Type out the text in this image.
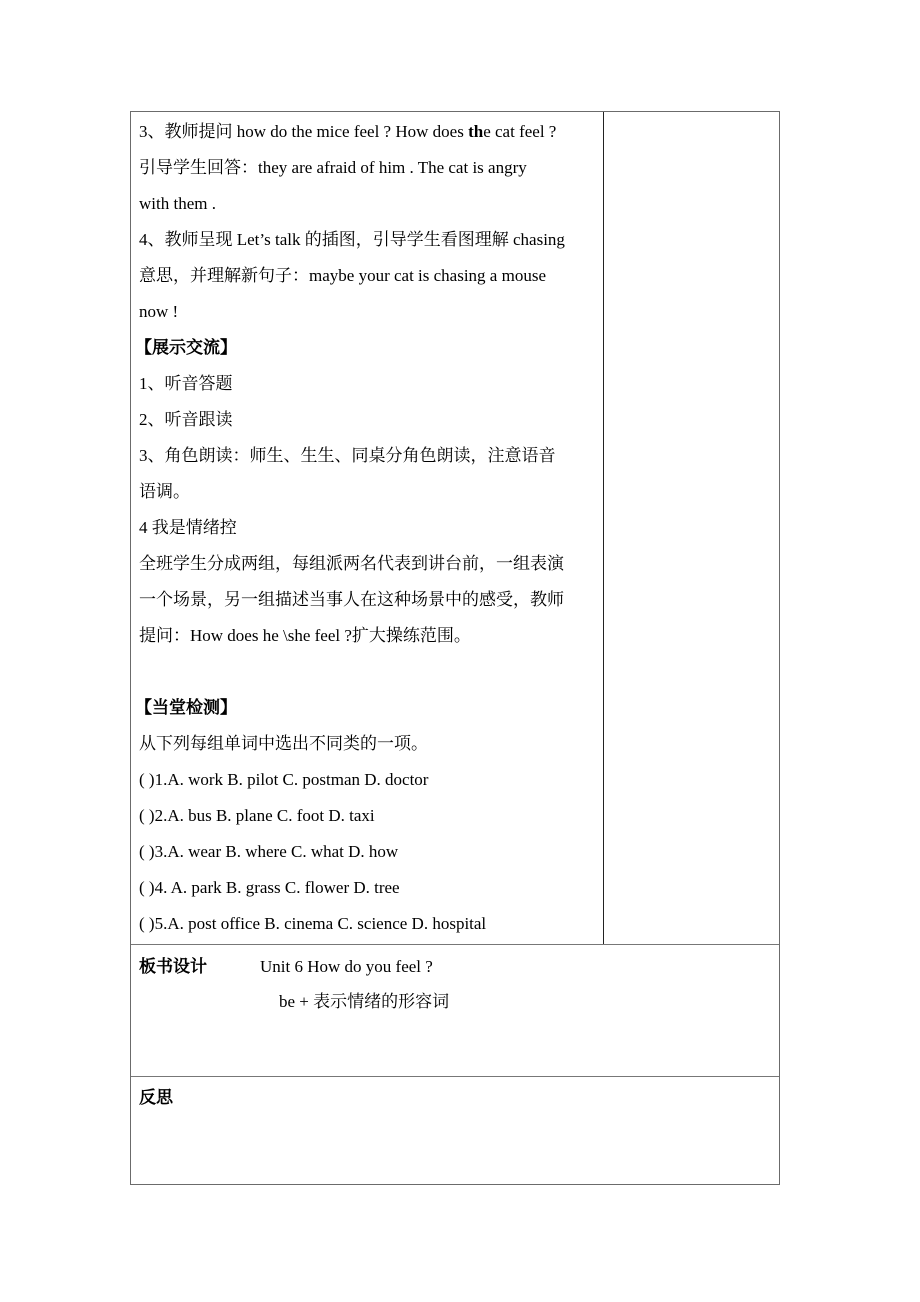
3、教师提问 how do the mice feel ? How does the cat feel ?
引导学生回答：they are afraid of him . The cat is angry
with them .
4、教师呈现 Let’s talk 的插图，引导学生看图理解 chasing
意思，并理解新句子：maybe your cat is chasing a mouse
now !
【展示交流】
1、听音答题
2、听音跟读
3、角色朗读：师生、生生、同桌分角色朗读，注意语音
语调。
4 我是情绪控
全班学生分成两组，每组派两名代表到讲台前，一组表演
一个场景，另一组描述当事人在这种场景中的感受，教师
提问：How does he \she feel ?扩大操练范围。
【当堂检测】
从下列每组单词中选出不同类的一项。
( )1.A. work B. pilot C. postman D. doctor
( )2.A. bus B. plane C. foot D. taxi
( )3.A. wear B. where C. what D. how
( )4. A. park B. grass C. flower D. tree
( )5.A. post office B. cinema C. science D. hospital
板书设计	Unit 6 How do you feel ?
be + 表示情绪的形容词
反思
